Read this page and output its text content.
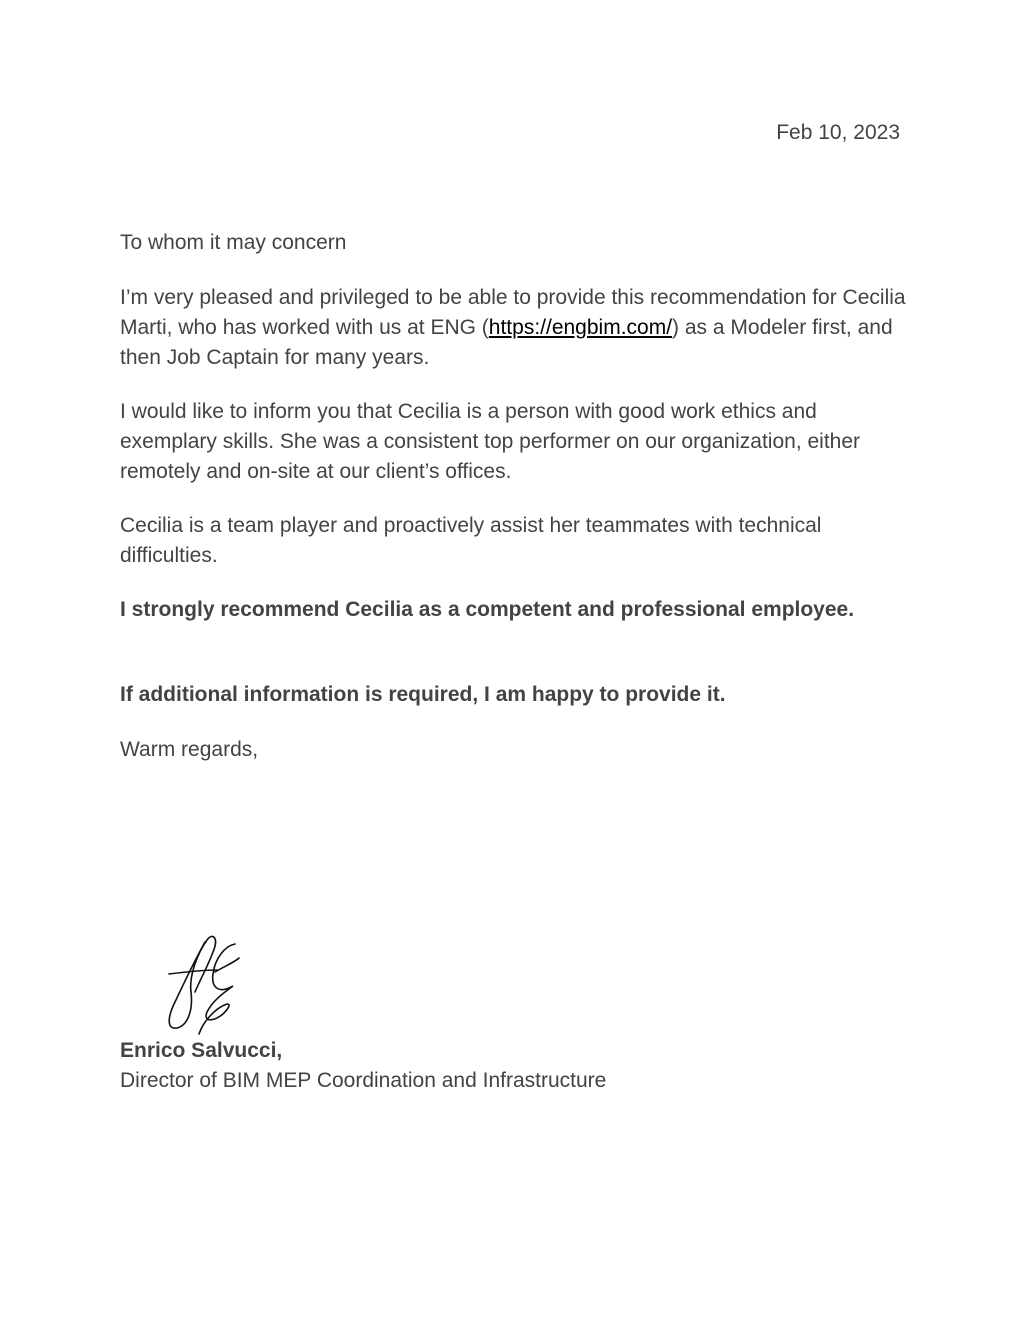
Feb 10, 2023

To whom it may concern

I’m very pleased and privileged to be able to provide this recommendation for Cecilia Marti, who has worked with us at ENG (https://engbim.com/) as a Modeler first, and then Job Captain for many years.

I would like to inform you that Cecilia is a person with good work ethics and exemplary skills. She was a consistent top performer on our organization, either remotely and on-site at our client’s offices.

Cecilia is a team player and proactively assist her teammates with technical difficulties.

I strongly recommend Cecilia as a competent and professional employee.

If additional information is required, I am happy to provide it.

Warm regards,

Enrico Salvucci,

Director of BIM MEP Coordination and Infrastructure
